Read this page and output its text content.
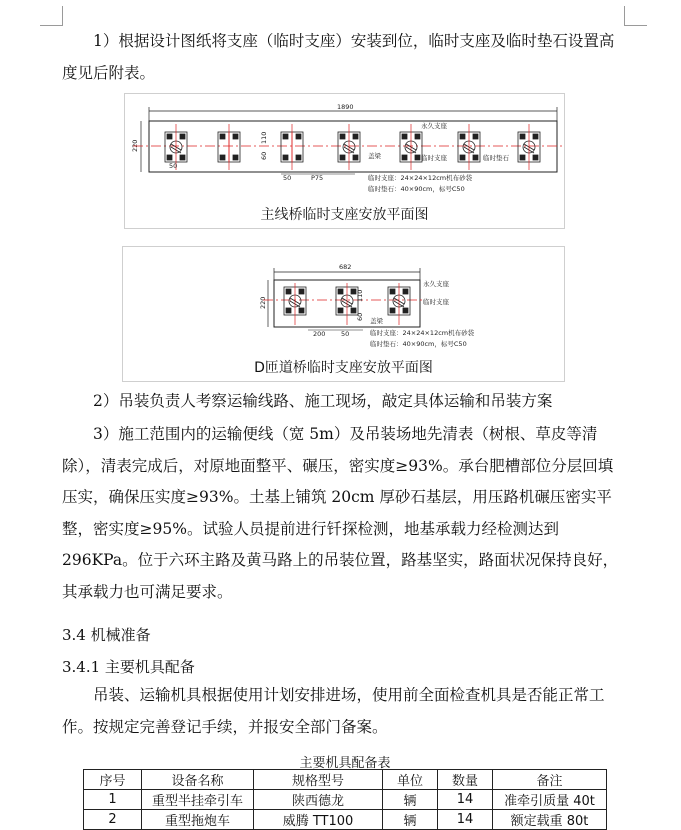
1）根据设计图纸将支座（临时支座）安装到位，临时支座及临时垫石设置高度见后附表。

1890
220
50
60
110
50	P75
永久支座
临时支座	临时垫石
盖梁
临时支座：24×24×12cm机布砂袋
临时垫石：40×90cm，标号C50
主线桥临时支座安放平面图
682
220
200 50
60
110
永久支座
临时支座
盖梁
临时支座：24×24×12cm机布砂袋
临时垫石：40×90cm，标号C50
D匝道桥临时支座安放平面图

2）吊装负责人考察运输线路、施工现场，敲定具体运输和吊装方案

3）施工范围内的运输便线（宽 5m）及吊装场地先清表（树根、草皮等清除），清表完成后，对原地面整平、碾压，密实度≥93%。承台肥槽部位分层回填压实，确保压实度≥93%。土基上铺筑 20cm 厚砂石基层，用压路机碾压密实平整，密实度≥95%。试验人员提前进行钎探检测，地基承载力经检测达到 296KPa。位于六环主路及黄马路上的吊装位置，路基坚实，路面状况保持良好，其承载力也可满足要求。

3.4 机械准备
3.4.1 主要机具配备

吊装、运输机具根据使用计划安排进场，使用前全面检查机具是否能正常工作。按规定完善登记手续，并报安全部门备案。

主要机具配备表
序号	设备名称	规格型号	单位	数量	备注
1	重型半挂牵引车	陕西德龙	辆	14	准牵引质量 40t
2	重型拖炮车	威腾 TT100	辆	14	额定载重 80t
